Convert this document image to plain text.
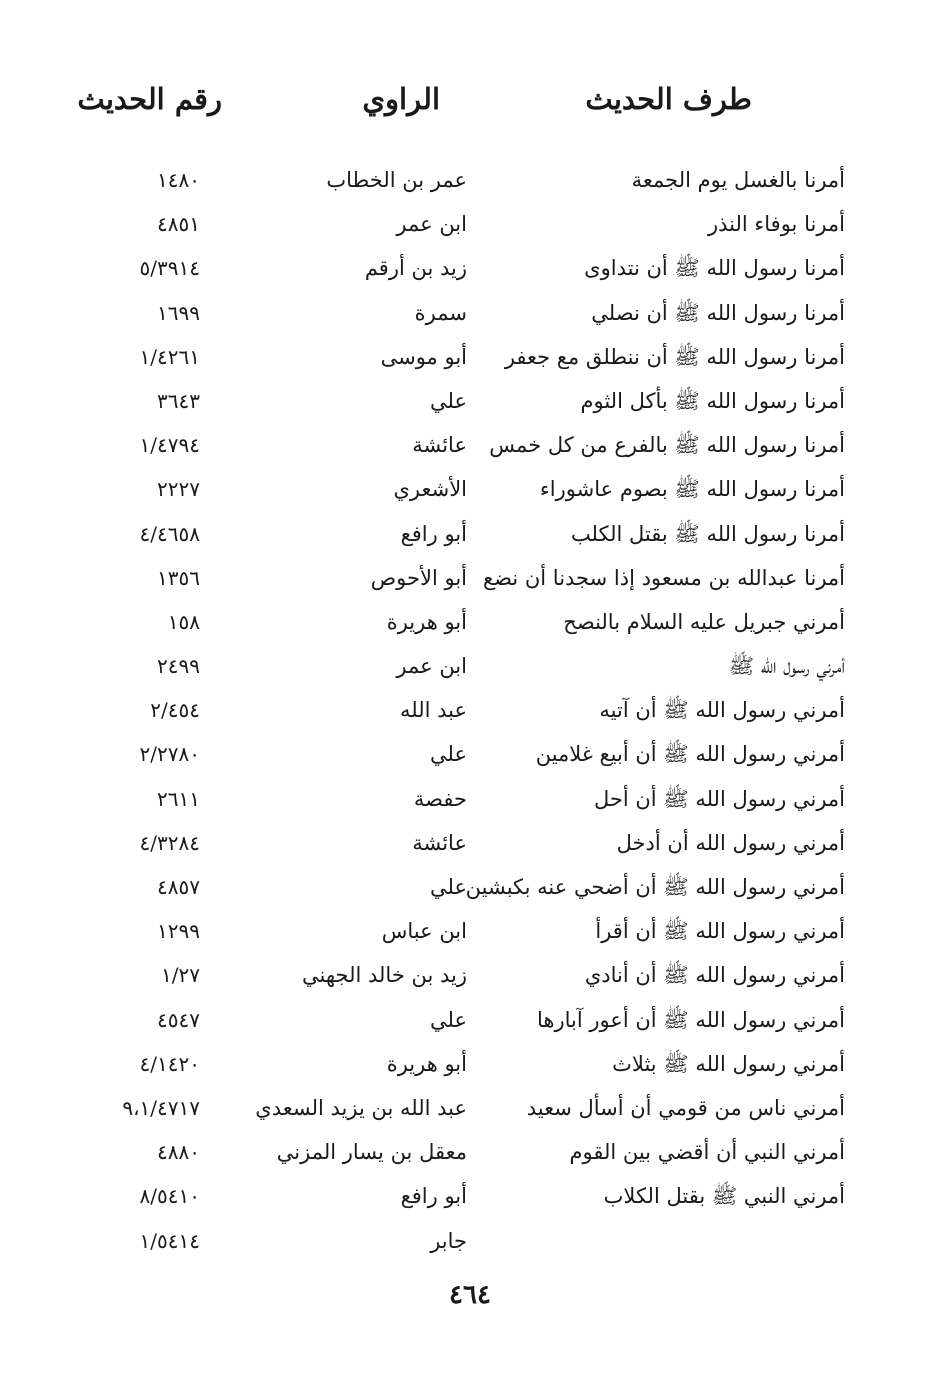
طرف الحديث
الراوي
رقم الحديث
أمرنا بالغسل يوم الجمعة
عمر بن الخطاب
١٤٨٠
أمرنا بوفاء النذر
ابن عمر
٤٨٥١
أمرنا رسول الله ﷺ أن نتداوى
زيد بن أرقم
٥/٣٩١٤
أمرنا رسول الله ﷺ أن نصلي
سمرة
١٦٩٩
أمرنا رسول الله ﷺ أن ننطلق مع جعفر
أبو موسى
١/٤٢٦١
أمرنا رسول الله ﷺ بأكل الثوم
علي
٣٦٤٣
أمرنا رسول الله ﷺ بالفرع من كل خمس
عائشة
١/٤٧٩٤
أمرنا رسول الله ﷺ بصوم عاشوراء
الأشعري
٢٢٢٧
أمرنا رسول الله ﷺ بقتل الكلب
أبو رافع
٤/٤٦٥٨
أمرنا عبدالله بن مسعود إذا سجدنا أن نضع
أبو الأحوص
١٣٥٦
أمرني جبريل عليه السلام بالنصح
أبو هريرة
١٥٨
أمرني رسول الله ﷺ
ابن عمر
٢٤٩٩
أمرني رسول الله ﷺ أن آتيه
عبد الله
٢/٤٥٤
أمرني رسول الله ﷺ أن أبيع غلامين
علي
٢/٢٧٨٠
أمرني رسول الله ﷺ أن أحل
حفصة
٢٦١١
أمرني رسول الله أن أدخل
عائشة
٤/٣٢٨٤
أمرني رسول الله ﷺ أن أضحي عنه بكبشين
علي
٤٨٥٧
أمرني رسول الله ﷺ أن أقرأ
ابن عباس
١٢٩٩
أمرني رسول الله ﷺ أن أنادي
زيد بن خالد الجهني
١/٢٧
أمرني رسول الله ﷺ أن أعور آبارها
علي
٤٥٤٧
أمرني رسول الله ﷺ بثلاث
أبو هريرة
٤/١٤٢٠
أمرني ناس من قومي أن أسأل سعيد
عبد الله بن يزيد السعدي
٩،١/٤٧١٧
أمرني النبي أن أقضي بين القوم
معقل بن يسار المزني
٤٨٨٠
أمرني النبي ﷺ بقتل الكلاب
أبو رافع
٨/٥٤١٠
جابر
١/٥٤١٤
٤٦٤
